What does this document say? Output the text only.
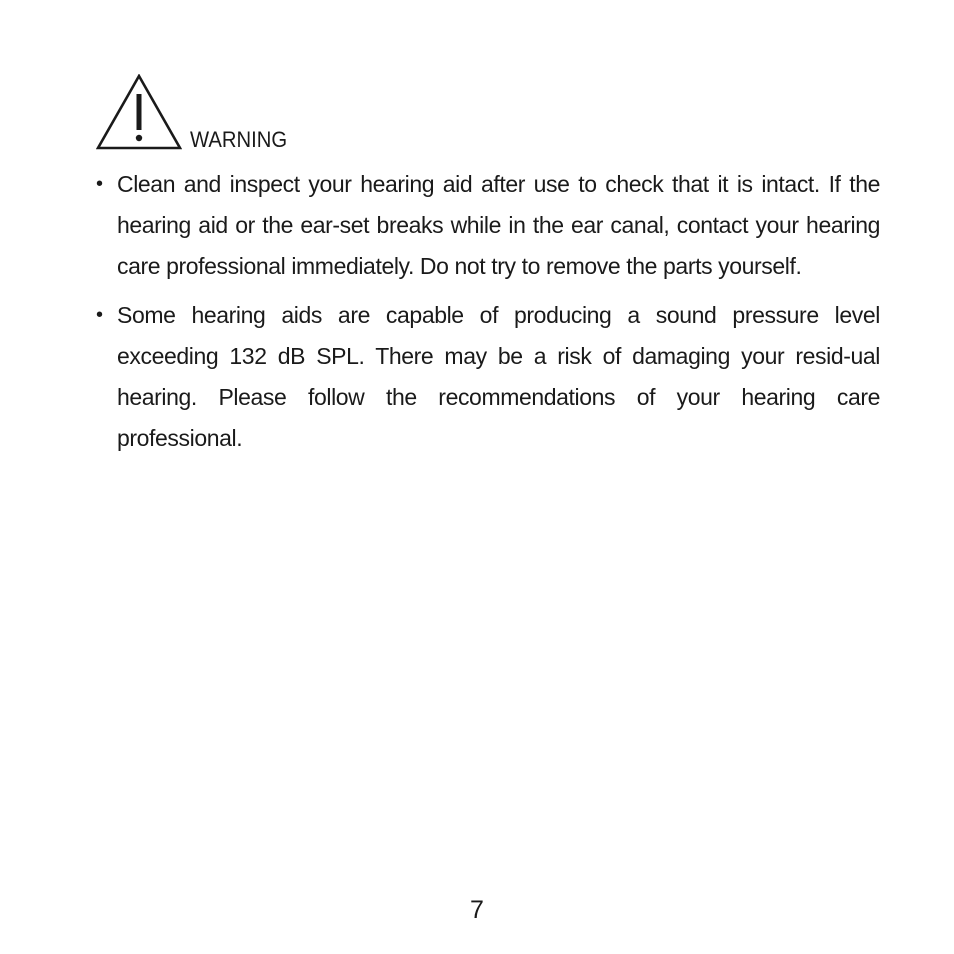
WARNING
• Clean and inspect your hearing aid after use to check that it is intact. If the hearing aid or the ear-set breaks while in the ear canal, contact your hearing care professional immediately. Do not try to remove the parts yourself.
• Some hearing aids are capable of producing a sound pressure level exceeding 132 dB SPL. There may be a risk of damaging your resid-ual hearing. Please follow the recommendations of your hearing care professional.
7
